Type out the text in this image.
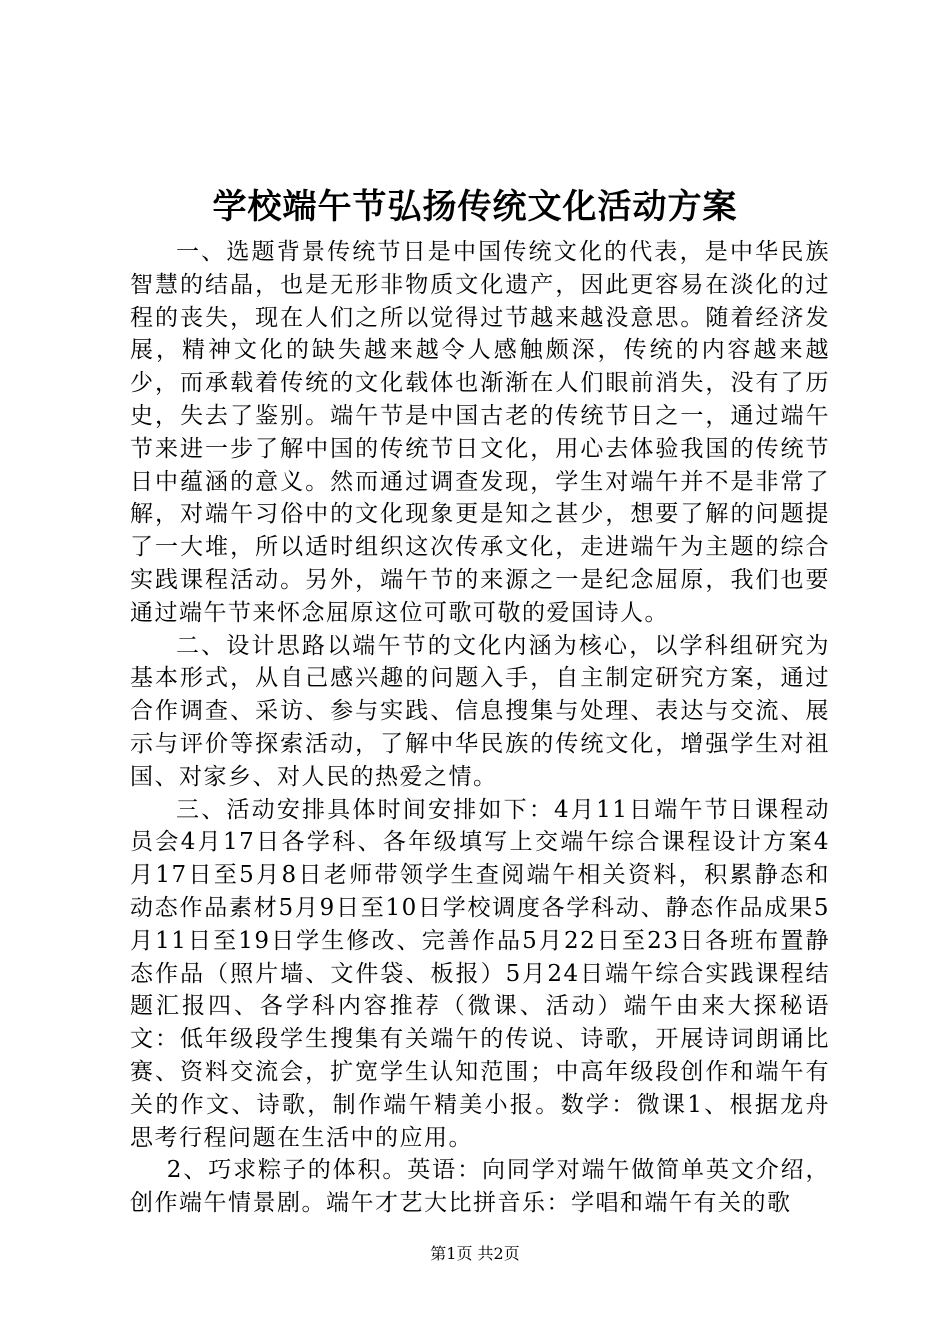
学校端午节弘扬传统文化活动方案

一、选题背景传统节日是中国传统文化的代表，是中华民族智慧的结晶，也是无形非物质文化遗产，因此更容易在淡化的过程的丧失，现在人们之所以觉得过节越来越没意思。随着经济发展，精神文化的缺失越来越令人感触颇深，传统的内容越来越少，而承载着传统的文化载体也渐渐在人们眼前消失，没有了历史，失去了鉴别。端午节是中国古老的传统节日之一，通过端午节来进一步了解中国的传统节日文化，用心去体验我国的传统节日中蕴涵的意义。然而通过调查发现，学生对端午并不是非常了解，对端午习俗中的文化现象更是知之甚少，想要了解的问题提了一大堆，所以适时组织这次传承文化，走进端午为主题的综合实践课程活动。另外，端午节的来源之一是纪念屈原，我们也要通过端午节来怀念屈原这位可歌可敬的爱国诗人。

二、设计思路以端午节的文化内涵为核心，以学科组研究为基本形式，从自己感兴趣的问题入手，自主制定研究方案，通过合作调查、采访、参与实践、信息搜集与处理、表达与交流、展示与评价等探索活动，了解中华民族的传统文化，增强学生对祖国、对家乡、对人民的热爱之情。

三、活动安排具体时间安排如下：4月11日端午节日课程动员会4月17日各学科、各年级填写上交端午综合课程设计方案4月17日至5月8日老师带领学生查阅端午相关资料，积累静态和动态作品素材5月9日至10日学校调度各学科动、静态作品成果5月11日至19日学生修改、完善作品5月22日至23日各班布置静态作品（照片墙、文件袋、板报）5月24日端午综合实践课程结题汇报四、各学科内容推荐（微课、活动）端午由来大探秘语文：低年级段学生搜集有关端午的传说、诗歌，开展诗词朗诵比赛、资料交流会，扩宽学生认知范围；中高年级段创作和端午有关的作文、诗歌，制作端午精美小报。数学：微课1、根据龙舟思考行程问题在生活中的应用。

2、巧求粽子的体积。英语：向同学对端午做简单英文介绍，创作端午情景剧。端午才艺大比拼音乐：学唱和端午有关的歌

第1页 共2页
